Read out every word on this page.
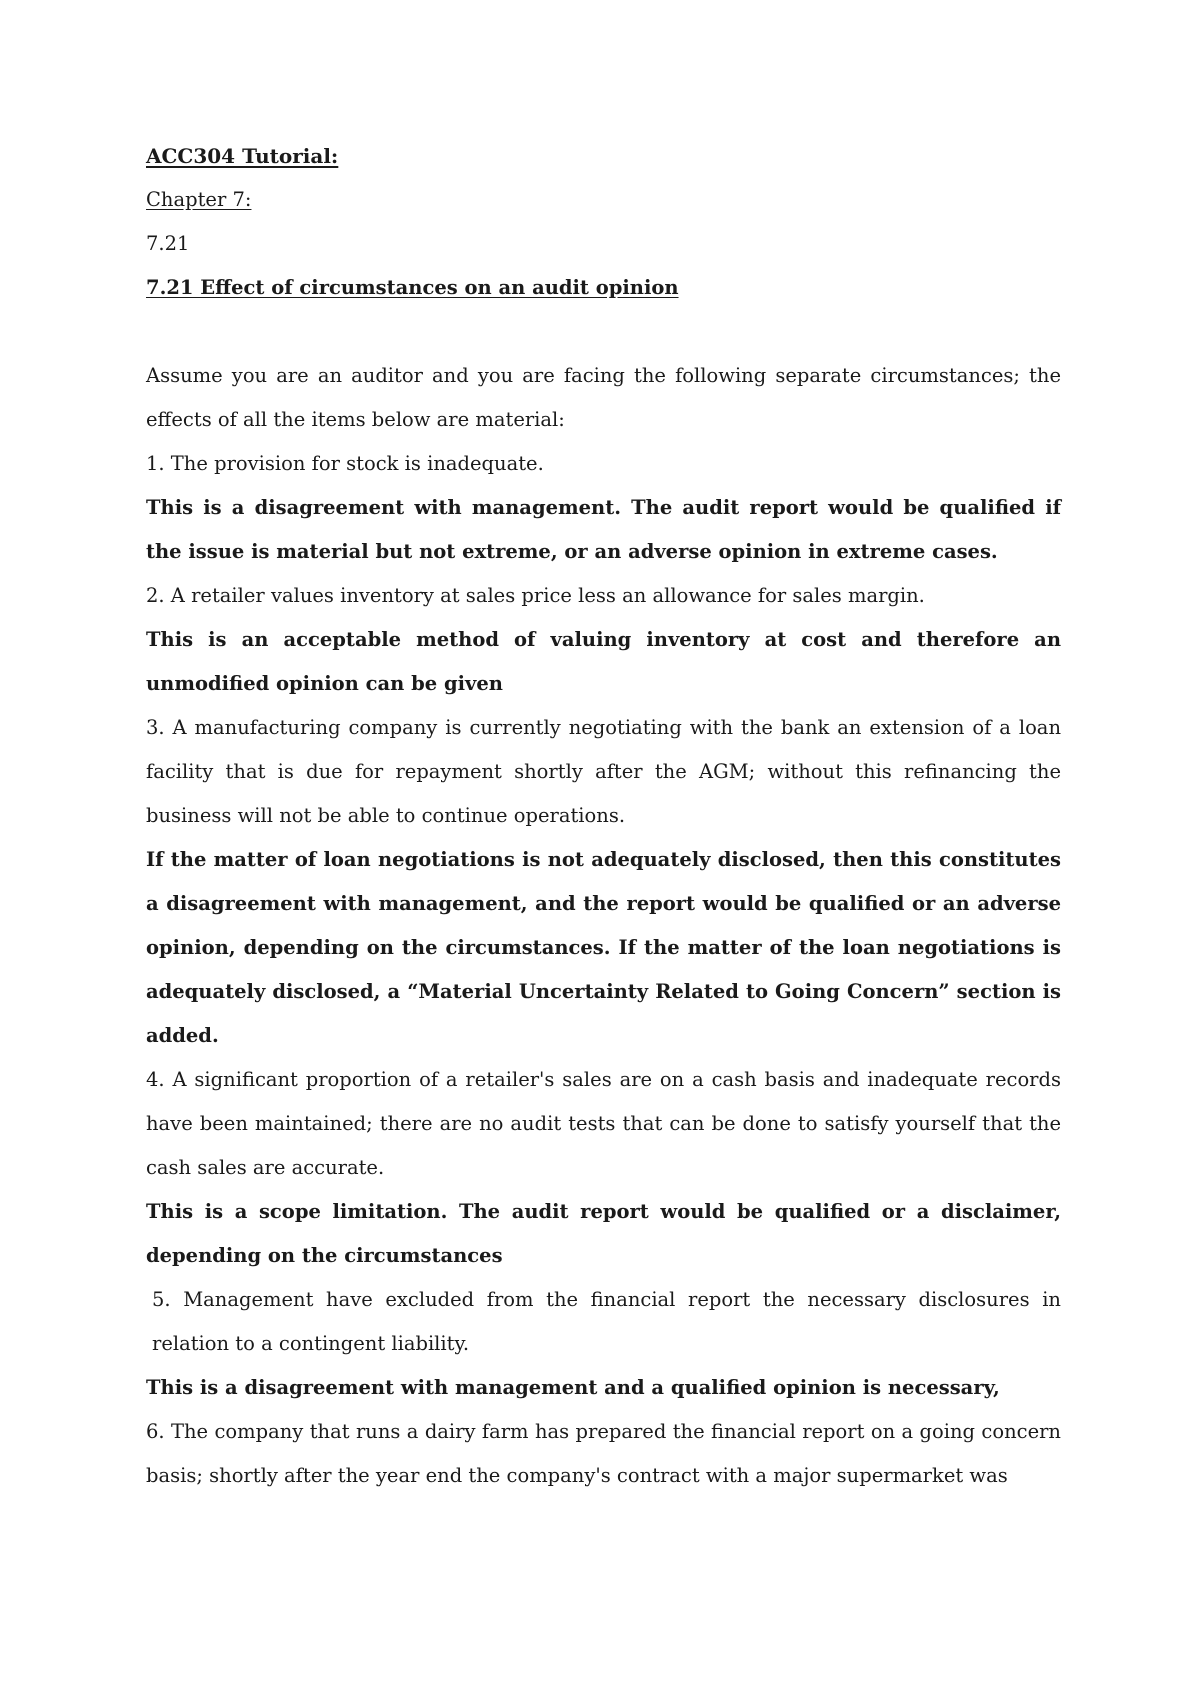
ACC304 Tutorial:

Chapter 7:

7.21

7.21 Effect of circumstances on an audit opinion

Assume you are an auditor and you are facing the following separate circumstances; the effects of all the items below are material:

1. The provision for stock is inadequate.

This is a disagreement with management. The audit report would be qualified if the issue is material but not extreme, or an adverse opinion in extreme cases.

2. A retailer values inventory at sales price less an allowance for sales margin.

This is an acceptable method of valuing inventory at cost and therefore an unmodified opinion can be given

3. A manufacturing company is currently negotiating with the bank an extension of a loan facility that is due for repayment shortly after the AGM; without this refinancing the business will not be able to continue operations.

If the matter of loan negotiations is not adequately disclosed, then this constitutes a disagreement with management, and the report would be qualified or an adverse opinion, depending on the circumstances. If the matter of the loan negotiations is adequately disclosed, a “Material Uncertainty Related to Going Concern” section is added.

4. A significant proportion of a retailer's sales are on a cash basis and inadequate records have been maintained; there are no audit tests that can be done to satisfy yourself that the cash sales are accurate.

This is a scope limitation. The audit report would be qualified or a disclaimer, depending on the circumstances

5. Management have excluded from the financial report the necessary disclosures in relation to a contingent liability.

This is a disagreement with management and a qualified opinion is necessary,

6. The company that runs a dairy farm has prepared the financial report on a going concern basis; shortly after the year end the company's contract with a major supermarket was
